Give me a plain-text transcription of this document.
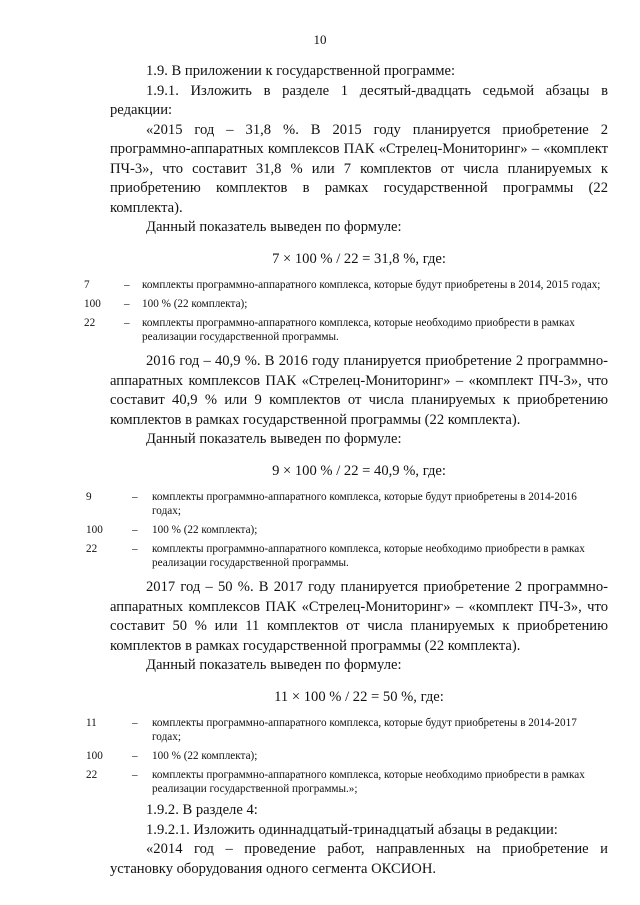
10

1.9. В приложении к государственной программе:

1.9.1. Изложить в разделе 1 десятый-двадцать седьмой абзацы в редакции:

«2015 год – 31,8 %. В 2015 году планируется приобретение 2 программно-аппаратных комплексов ПАК «Стрелец-Мониторинг» – «комплект ПЧ-3», что составит 31,8 % или 7 комплектов от числа планируемых к приобретению комплектов в рамках государственной программы (22 комплекта).

Данный показатель выведен по формуле:

7 × 100 % / 22 = 31,8 %, где:

7	–	комплекты программно-аппаратного комплекса, которые будут приобретены в 2014, 2015 годах;
100	–	100 % (22 комплекта);
22	–	комплекты программно-аппаратного комплекса, которые необходимо приобрести в рамках реализации государственной программы.

2016 год – 40,9 %. В 2016 году планируется приобретение 2 программно-аппаратных комплексов ПАК «Стрелец-Мониторинг» – «комплект ПЧ-3», что составит 40,9 % или 9 комплектов от числа планируемых к приобретению комплектов в рамках государственной программы (22 комплекта).

Данный показатель выведен по формуле:

9 × 100 % / 22 = 40,9 %, где:

9	–	комплекты программно-аппаратного комплекса, которые будут приобретены в 2014-2016 годах;
100	–	100 % (22 комплекта);
22	–	комплекты программно-аппаратного комплекса, которые необходимо приобрести в рамках реализации государственной программы.

2017 год – 50 %. В 2017 году планируется приобретение 2 программно-аппаратных комплексов ПАК «Стрелец-Мониторинг» – «комплект ПЧ-3», что составит 50 % или 11 комплектов от числа планируемых к приобретению комплектов в рамках государственной программы (22 комплекта).

Данный показатель выведен по формуле:

11 × 100 % / 22 = 50 %, где:

11	–	комплекты программно-аппаратного комплекса, которые будут приобретены в 2014-2017 годах;
100	–	100 % (22 комплекта);
22	–	комплекты программно-аппаратного комплекса, которые необходимо приобрести в рамках реализации государственной программы.»;

1.9.2. В разделе 4:

1.9.2.1. Изложить одиннадцатый-тринадцатый абзацы в редакции:

«2014 год – проведение работ, направленных на приобретение и установку оборудования одного сегмента ОКСИОН.
